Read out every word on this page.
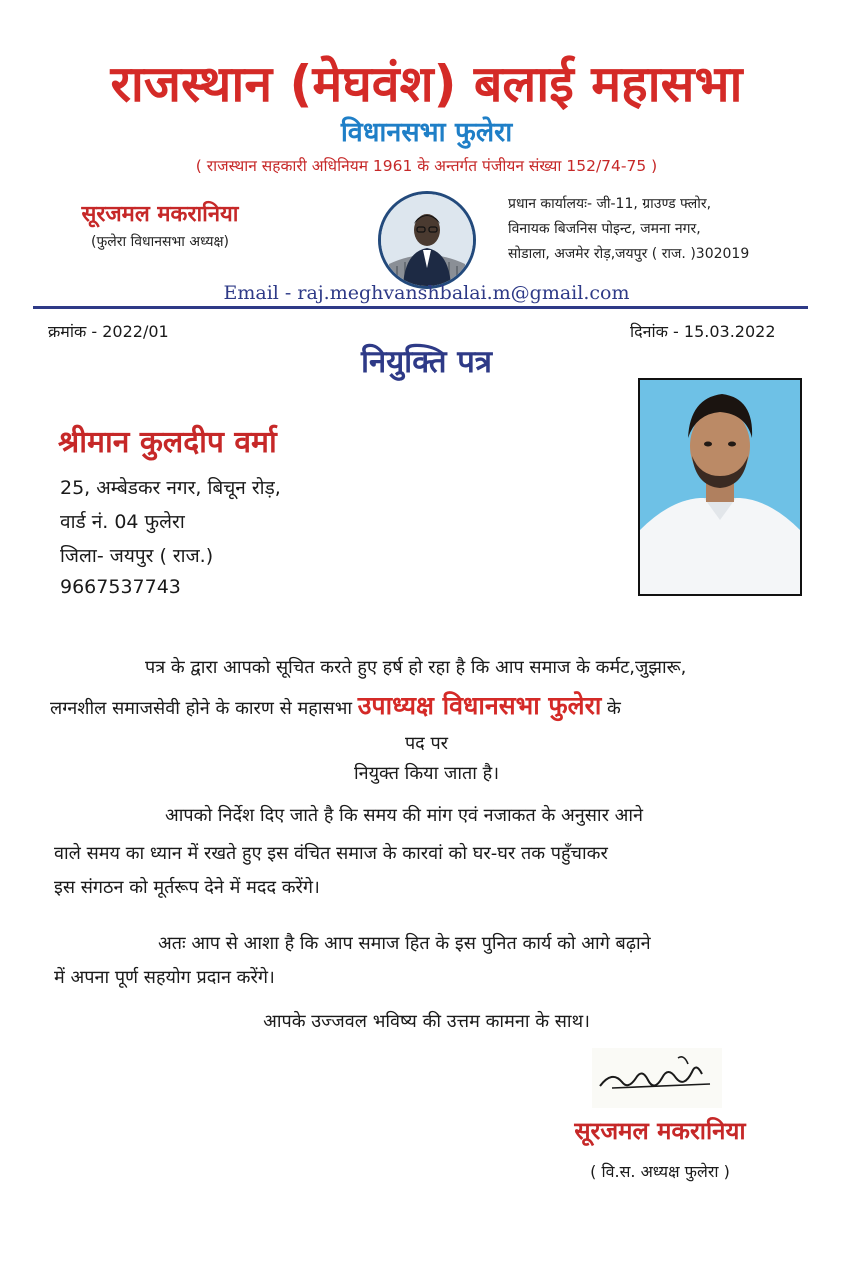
राजस्थान (मेघवंश) बलाई महासभा
विधानसभा फुलेरा
( राजस्थान सहकारी अधिनियम 1961 के अन्तर्गत पंजीयन संख्या 152/74-75 )
सूरजमल मकरानिया
(फुलेरा विधानसभा अध्यक्ष)
प्रधान कार्यालयः- जी-11, ग्राउण्ड फ्लोर,
विनायक बिजनिस पोइन्ट, जमना नगर,
सोडाला, अजमेर रोड़,जयपुर ( राज. )302019
Email - raj.meghvanshbalai.m@gmail.com
क्रमांक - 2022/01	दिनांक - 15.03.2022
नियुक्ति पत्र
श्रीमान कुलदीप वर्मा
25, अम्बेडकर नगर, बिचून रोड़,
वार्ड नं. 04 फुलेरा
जिला- जयपुर ( राज.)
9667537743
पत्र के द्वारा आपको सूचित करते हुए हर्ष हो रहा है कि आप समाज के कर्मट,जुझारू,
लग्नशील समाजसेवी होने के कारण से महासभा उपाध्यक्ष विधानसभा फुलेरा के
पद पर
नियुक्त किया जाता है।
आपको निर्देश दिए जाते है कि समय की मांग एवं नजाकत के अनुसार आने
वाले समय का ध्यान में रखते हुए इस वंचित समाज के कारवां को घर-घर तक पहुँचाकर
इस संगठन को मूर्तरूप देने में मदद करेंगे।
अतः आप से आशा है कि आप समाज हित के इस पुनित कार्य को आगे बढ़ाने
में अपना पूर्ण सहयोग प्रदान करेंगे।
आपके उज्जवल भविष्य की उत्तम कामना के साथ।
सूरजमल मकरानिया
( वि.स. अध्यक्ष फुलेरा )
